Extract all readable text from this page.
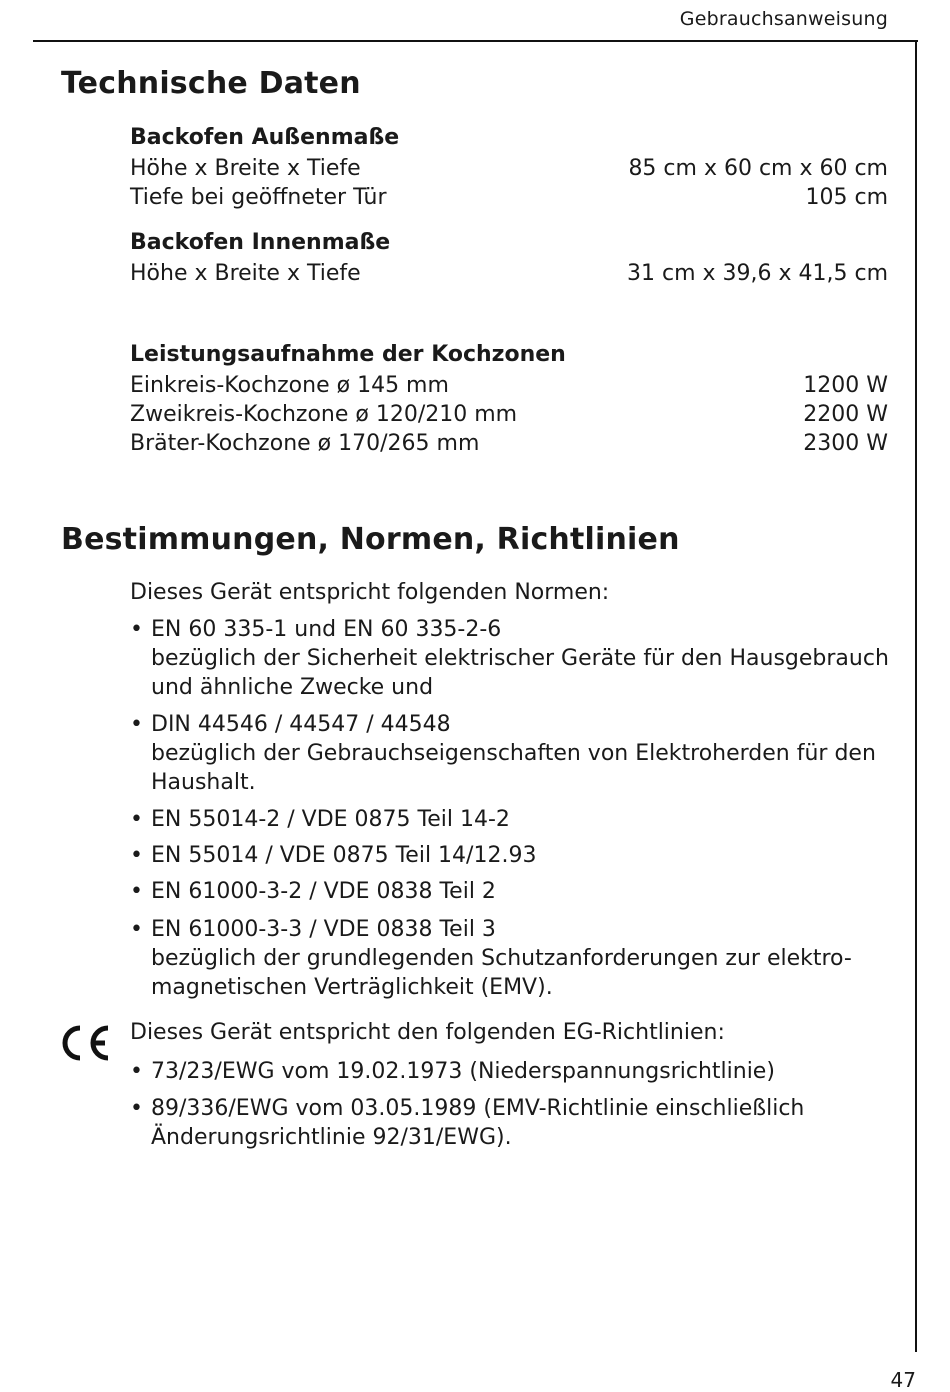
Gebrauchsanweisung
Technische Daten
Backofen Außenmaße
Höhe x Breite x Tiefe	85 cm x 60 cm x 60 cm
Tiefe bei geöffneter Tür	105 cm
Backofen Innenmaße
Höhe x Breite x Tiefe	31 cm x 39,6 x 41,5 cm
Leistungsaufnahme der Kochzonen
Einkreis-Kochzone ø 145 mm	1200 W
Zweikreis-Kochzone ø 120/210 mm	2200 W
Bräter-Kochzone ø 170/265 mm	2300 W
Bestimmungen, Normen, Richtlinien
Dieses Gerät entspricht folgenden Normen:
• EN 60 335-1 und EN 60 335-2-6
bezüglich der Sicherheit elektrischer Geräte für den Hausgebrauch
und ähnliche Zwecke und
• DIN 44546 / 44547 / 44548
bezüglich der Gebrauchseigenschaften von Elektroherden für den
Haushalt.
• EN 55014-2 / VDE 0875 Teil 14-2
• EN 55014 / VDE 0875 Teil 14/12.93
• EN 61000-3-2 / VDE 0838 Teil 2
• EN 61000-3-3 / VDE 0838 Teil 3
bezüglich der grundlegenden Schutzanforderungen zur elektro-
magnetischen Verträglichkeit (EMV).
Dieses Gerät entspricht den folgenden EG-Richtlinien:
• 73/23/EWG vom 19.02.1973 (Niederspannungsrichtlinie)
• 89/336/EWG vom 03.05.1989 (EMV-Richtlinie einschließlich
Änderungsrichtlinie 92/31/EWG).
47
